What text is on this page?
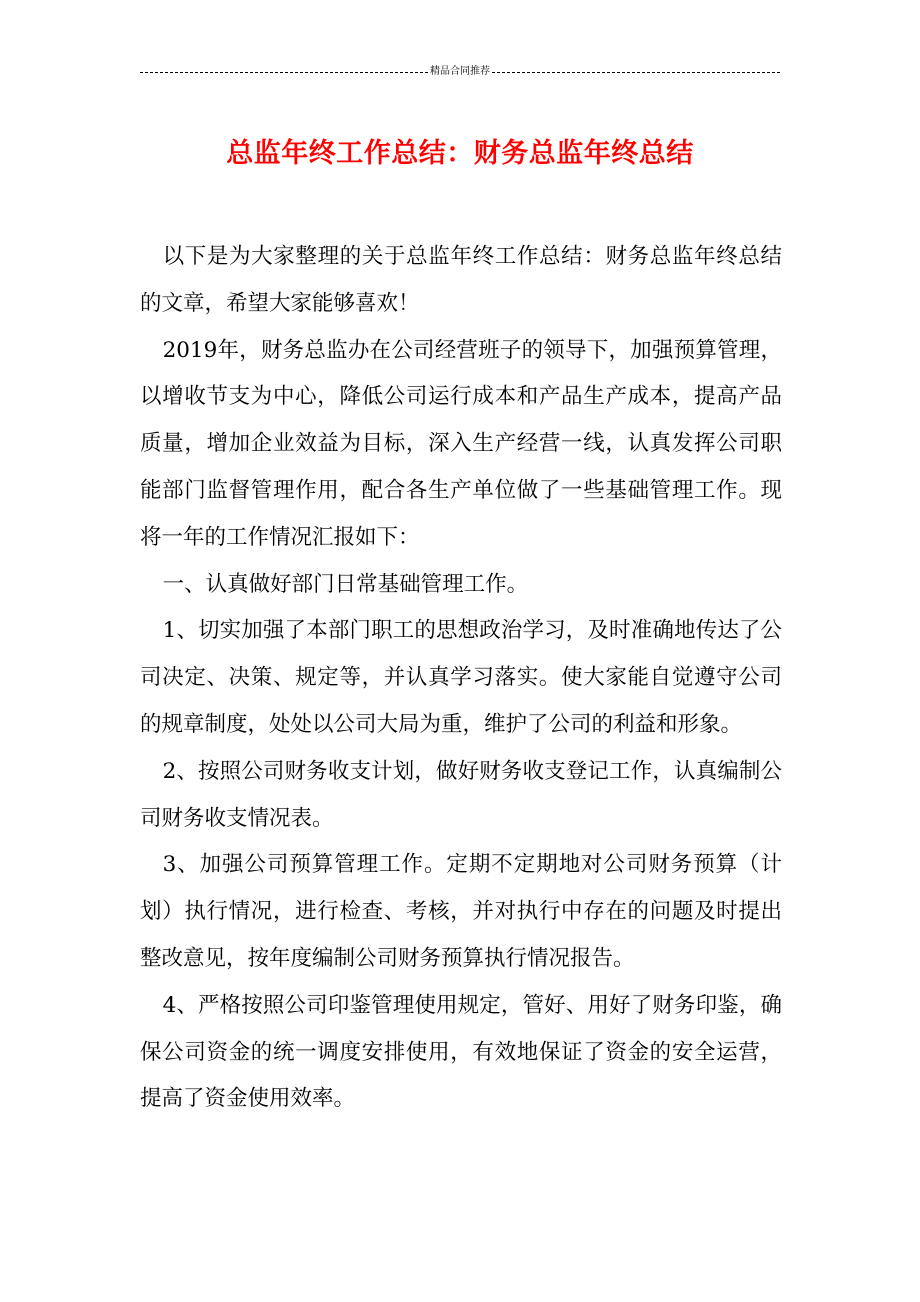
精品合同推荐
总监年终工作总结：财务总监年终总结

以下是为大家整理的关于总监年终工作总结：财务总监年终总结的文章，希望大家能够喜欢！

2019年，财务总监办在公司经营班子的领导下，加强预算管理，以增收节支为中心，降低公司运行成本和产品生产成本，提高产品质量，增加企业效益为目标，深入生产经营一线，认真发挥公司职能部门监督管理作用，配合各生产单位做了一些基础管理工作。现将一年的工作情况汇报如下：

一、认真做好部门日常基础管理工作。

1、切实加强了本部门职工的思想政治学习，及时准确地传达了公司决定、决策、规定等，并认真学习落实。使大家能自觉遵守公司的规章制度，处处以公司大局为重，维护了公司的利益和形象。

2、按照公司财务收支计划，做好财务收支登记工作，认真编制公司财务收支情况表。

3、加强公司预算管理工作。定期不定期地对公司财务预算（计划）执行情况，进行检查、考核，并对执行中存在的问题及时提出整改意见，按年度编制公司财务预算执行情况报告。

4、严格按照公司印鉴管理使用规定，管好、用好了财务印鉴，确保公司资金的统一调度安排使用，有效地保证了资金的安全运营，提高了资金使用效率。
